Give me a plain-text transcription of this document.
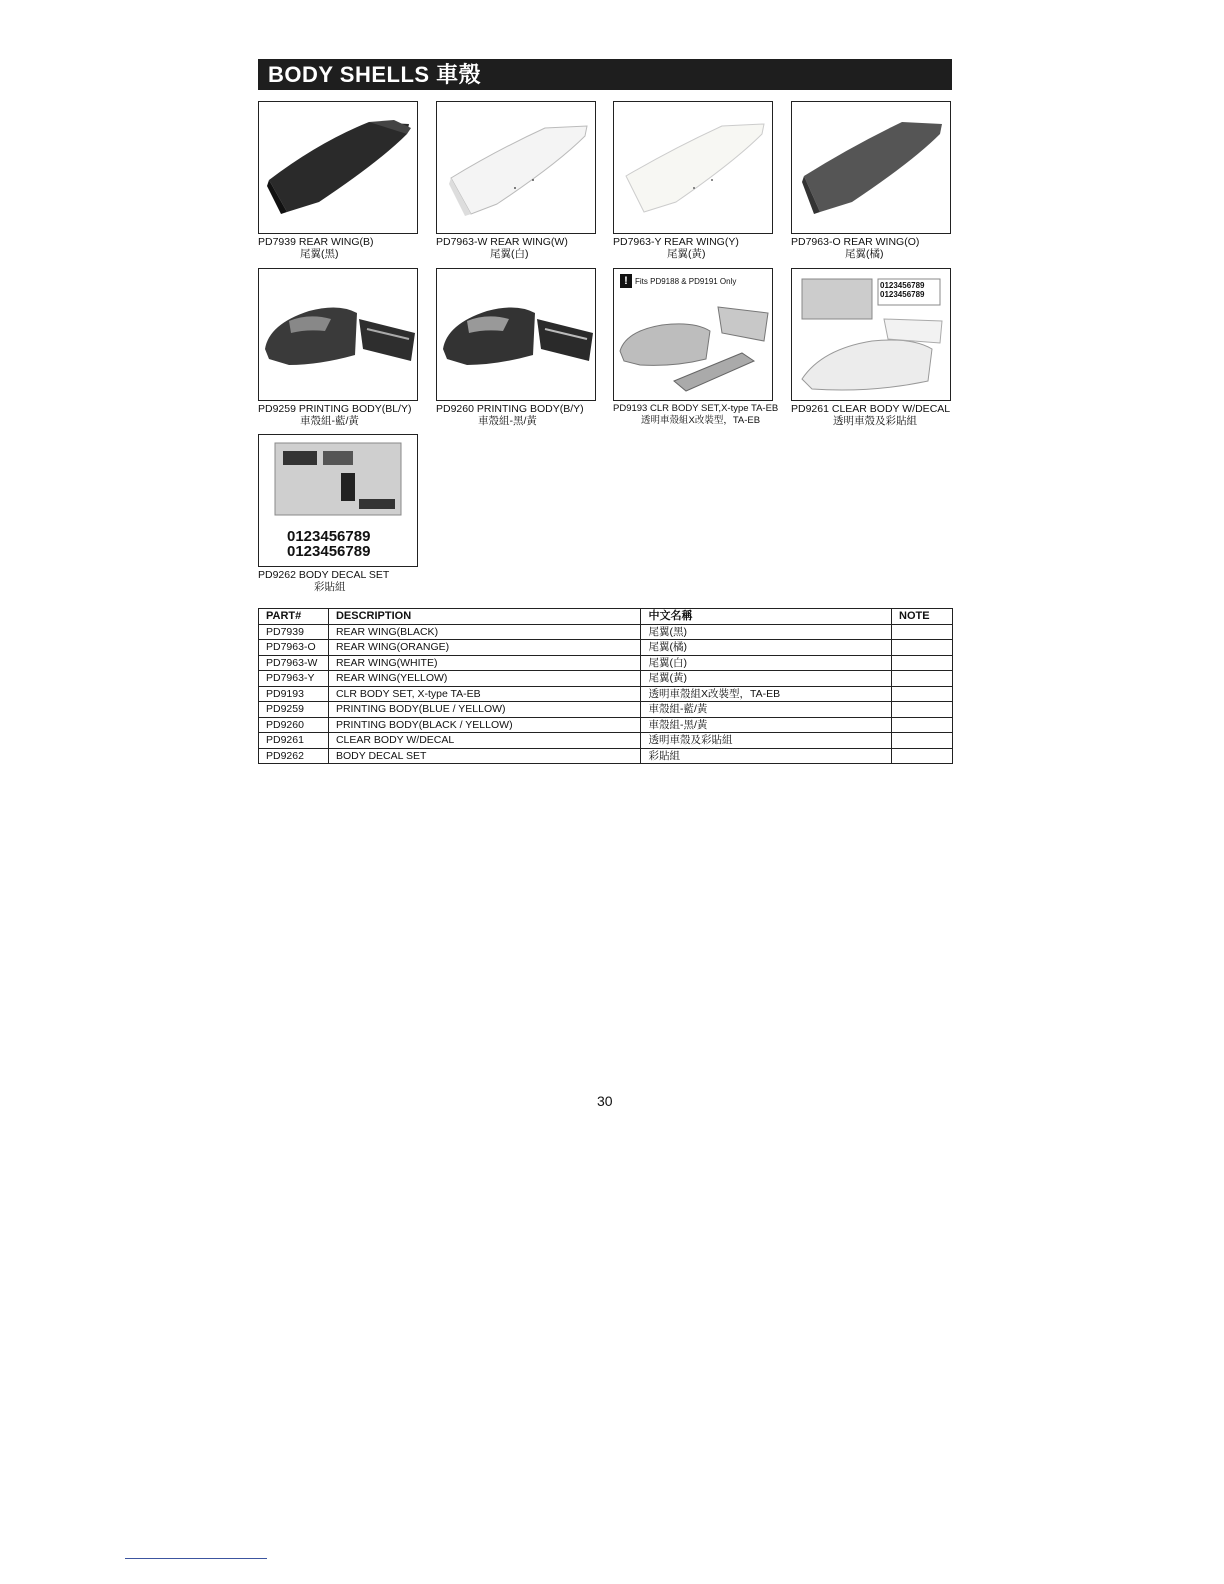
BODY SHELLS 車殼
PD7939 REAR WING(B)
尾翼(黑)
PD7963-W REAR WING(W)
尾翼(白)
PD7963-Y REAR WING(Y)
尾翼(黃)
PD7963-O REAR WING(O)
尾翼(橘)
PD9259 PRINTING BODY(BL/Y)
車殼組-藍/黃
PD9260 PRINTING BODY(B/Y)
車殼組-黑/黃
! Fits PD9188 & PD9191 Only
PD9193 CLR BODY SET,X-type TA-EB
透明車殼組X改裝型，TA-EB
0123456789
0123456789
PD9261 CLEAR BODY W/DECAL
透明車殼及彩貼組
0123456789
0123456789
PD9262 BODY DECAL SET
彩貼組
PART#	DESCRIPTION	中文名稱	NOTE
PD7939	REAR WING(BLACK)	尾翼(黑)	
PD7963-O	REAR WING(ORANGE)	尾翼(橘)	
PD7963-W	REAR WING(WHITE)	尾翼(白)	
PD7963-Y	REAR WING(YELLOW)	尾翼(黃)	
PD9193	CLR BODY SET, X-type TA-EB	透明車殼組X改裝型，TA-EB	
PD9259	PRINTING BODY(BLUE / YELLOW)	車殼組-藍/黃	
PD9260	PRINTING BODY(BLACK / YELLOW)	車殼組-黑/黃	
PD9261	CLEAR BODY W/DECAL	透明車殼及彩貼組	
PD9262	BODY DECAL SET	彩貼組	
30
